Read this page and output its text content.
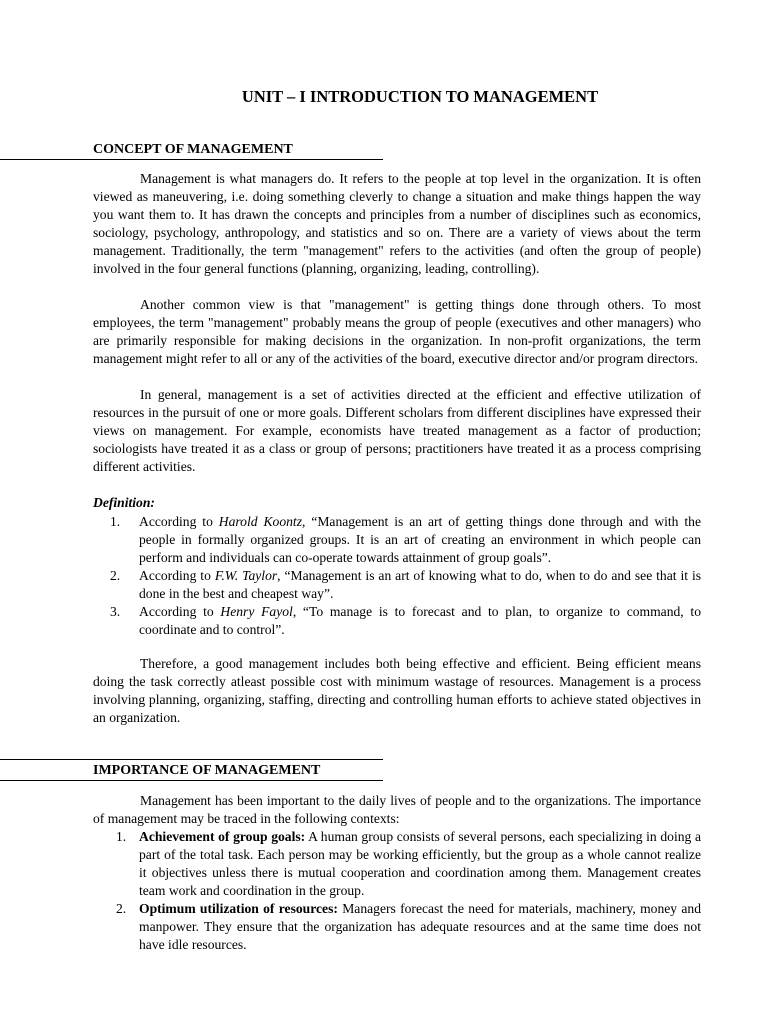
UNIT – I INTRODUCTION TO MANAGEMENT
CONCEPT OF MANAGEMENT
Management is what managers do. It refers to the people at top level in the organization. It is often viewed as maneuvering, i.e. doing something cleverly to change a situation and make things happen the way you want them to. It has drawn the concepts and principles from a number of disciplines such as economics, sociology, psychology, anthropology, and statistics and so on. There are a variety of views about the term management. Traditionally, the term "management" refers to the activities (and often the group of people) involved in the four general functions (planning, organizing, leading, controlling).
Another common view is that "management" is getting things done through others. To most employees, the term "management" probably means the group of people (executives and other managers) who are primarily responsible for making decisions in the organization. In non-profit organizations, the term management might refer to all or any of the activities of the board, executive director and/or program directors.
In general, management is a set of activities directed at the efficient and effective utilization of resources in the pursuit of one or more goals. Different scholars from different disciplines have expressed their views on management. For example, economists have treated management as a factor of production; sociologists have treated it as a class or group of persons; practitioners have treated it as a process comprising different activities.
Definition:
1. According to Harold Koontz, “Management is an art of getting things done through and with the people in formally organized groups. It is an art of creating an environment in which people can perform and individuals can co-operate towards attainment of group goals”.
2. According to F.W. Taylor, “Management is an art of knowing what to do, when to do and see that it is done in the best and cheapest way”.
3. According to Henry Fayol, “To manage is to forecast and to plan, to organize to command, to coordinate and to control”.
Therefore, a good management includes both being effective and efficient. Being efficient means doing the task correctly atleast possible cost with minimum wastage of resources. Management is a process involving planning, organizing, staffing, directing and controlling human efforts to achieve stated objectives in an organization.
IMPORTANCE OF MANAGEMENT
Management has been important to the daily lives of people and to the organizations. The importance of management may be traced in the following contexts:
1. Achievement of group goals: A human group consists of several persons, each specializing in doing a part of the total task. Each person may be working efficiently, but the group as a whole cannot realize it objectives unless there is mutual cooperation and coordination among them. Management creates team work and coordination in the group.
2. Optimum utilization of resources: Managers forecast the need for materials, machinery, money and manpower. They ensure that the organization has adequate resources and at the same time does not have idle resources.
